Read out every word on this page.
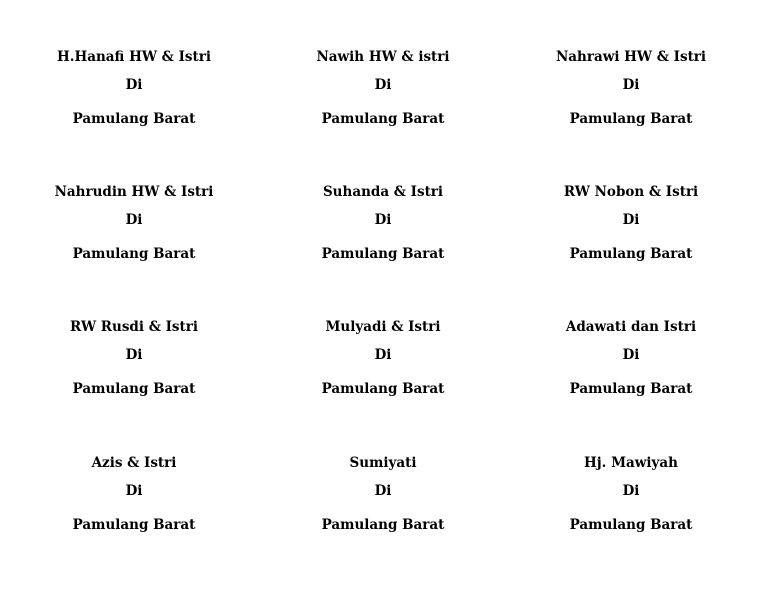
H.Hanafi HW & Istri
Di
Pamulang Barat
Nawih HW & istri
Di
Pamulang Barat
Nahrawi HW & Istri
Di
Pamulang Barat
Nahrudin HW & Istri
Di
Pamulang Barat
Suhanda & Istri
Di
Pamulang Barat
RW Nobon & Istri
Di
Pamulang Barat
RW Rusdi & Istri
Di
Pamulang Barat
Mulyadi & Istri
Di
Pamulang Barat
Adawati dan Istri
Di
Pamulang Barat
Azis & Istri
Di
Pamulang Barat
Sumiyati
Di
Pamulang Barat
Hj. Mawiyah
Di
Pamulang Barat
